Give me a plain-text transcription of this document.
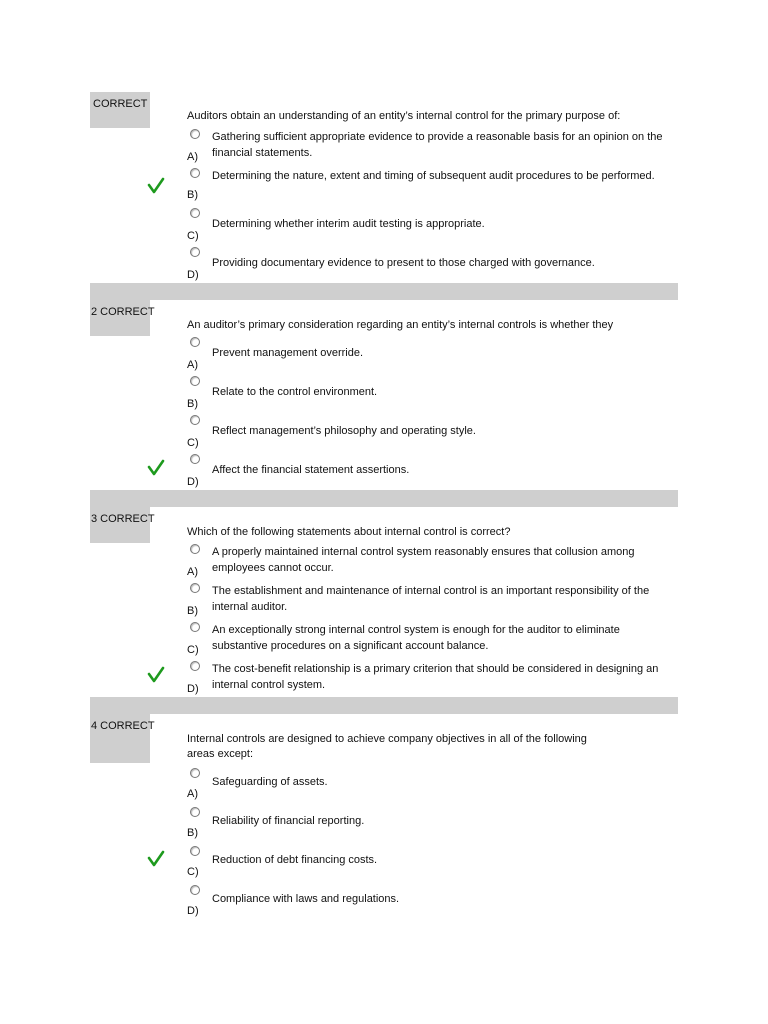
CORRECT
Auditors obtain an understanding of an entity’s internal control for the primary purpose of:
A)
Gathering sufficient appropriate evidence to provide a reasonable basis for an opinion on the financial statements.
B)
Determining the nature, extent and timing of subsequent audit procedures to be performed.
C)
Determining whether interim audit testing is appropriate.
D)
Providing documentary evidence to present to those charged with governance.
2 CORRECT
An auditor’s primary consideration regarding an entity’s internal controls is whether they
A)
Prevent management override.
B)
Relate to the control environment.
C)
Reflect management’s philosophy and operating style.
D)
Affect the financial statement assertions.
3 CORRECT
Which of the following statements about internal control is correct?
A)
A properly maintained internal control system reasonably ensures that collusion among employees cannot occur.
B)
The establishment and maintenance of internal control is an important responsibility of the internal auditor.
C)
An exceptionally strong internal control system is enough for the auditor to eliminate substantive procedures on a significant account balance.
D)
The cost-benefit relationship is a primary criterion that should be considered in designing an internal control system.
4 CORRECT
Internal controls are designed to achieve company objectives in all of the following areas except:
A)
Safeguarding of assets.
B)
Reliability of financial reporting.
C)
Reduction of debt financing costs.
D)
Compliance with laws and regulations.
